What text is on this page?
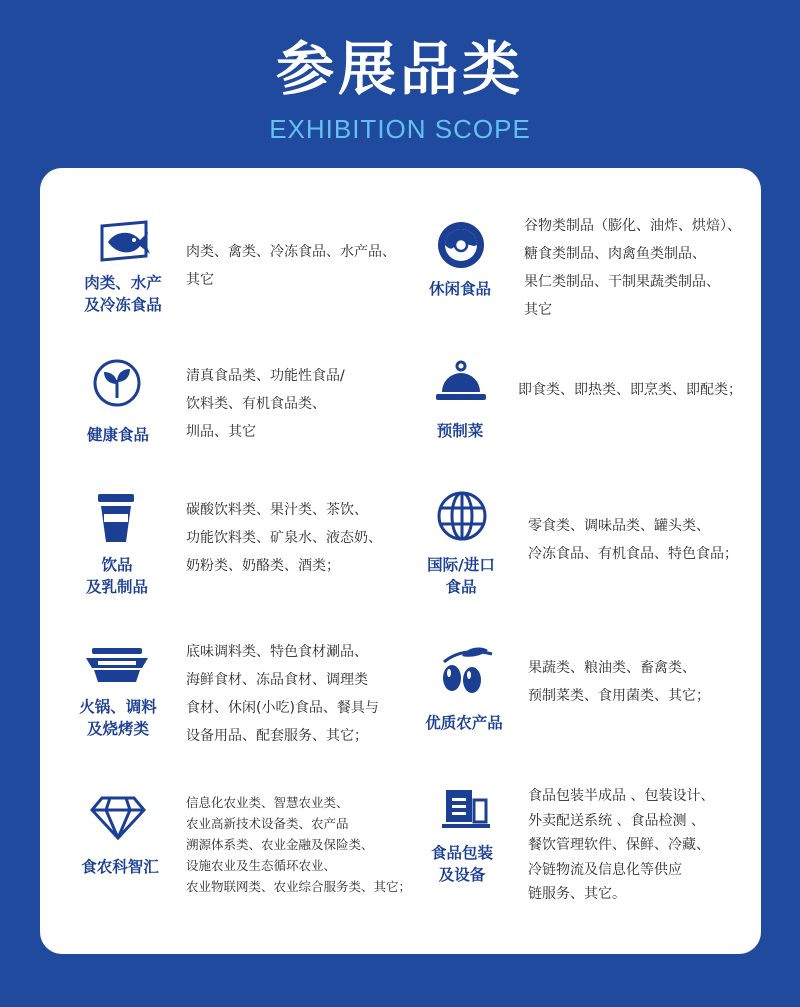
参展品类
EXHIBITION SCOPE
肉类、水产
及冷冻食品
肉类、禽类、冷冻食品、水产品、
其它	休闲食品
谷物类制品（膨化、油炸、烘焙）、
糖食类制品、肉禽鱼类制品、
果仁类制品、干制果蔬类制品、
其它
健康食品
清真食品类、功能性食品/
饮料类、有机食品类、
圳品、其它	预制菜
即食类、即热类、即烹类、即配类；
饮品
及乳制品
碳酸饮料类、果汁类、茶饮、
功能饮料类、矿泉水、液态奶、
奶粉类、奶酪类、酒类；	国际/进口
食品
零食类、调味品类、罐头类、
冷冻食品、有机食品、特色食品；
火锅、调料
及烧烤类
底味调料类、特色食材涮品、
海鲜食材、冻品食材、调理类
食材、休闲(小吃)食品、餐具与
设备用品、配套服务、其它；
优质农产品
果蔬类、粮油类、畜禽类、
预制菜类、食用菌类、其它；
食农科智汇
信息化农业类、智慧农业类、
农业高新技术设备类、农产品
溯源体系类、农业金融及保险类、
设施农业及生态循环农业、
农业物联网类、农业综合服务类、其它；
食品包装
及设备
食品包装半成品 、包装设计、
外卖配送系统 、食品检测 、
餐饮管理软件、保鲜、冷藏、
冷链物流及信息化等供应
链服务、其它。
